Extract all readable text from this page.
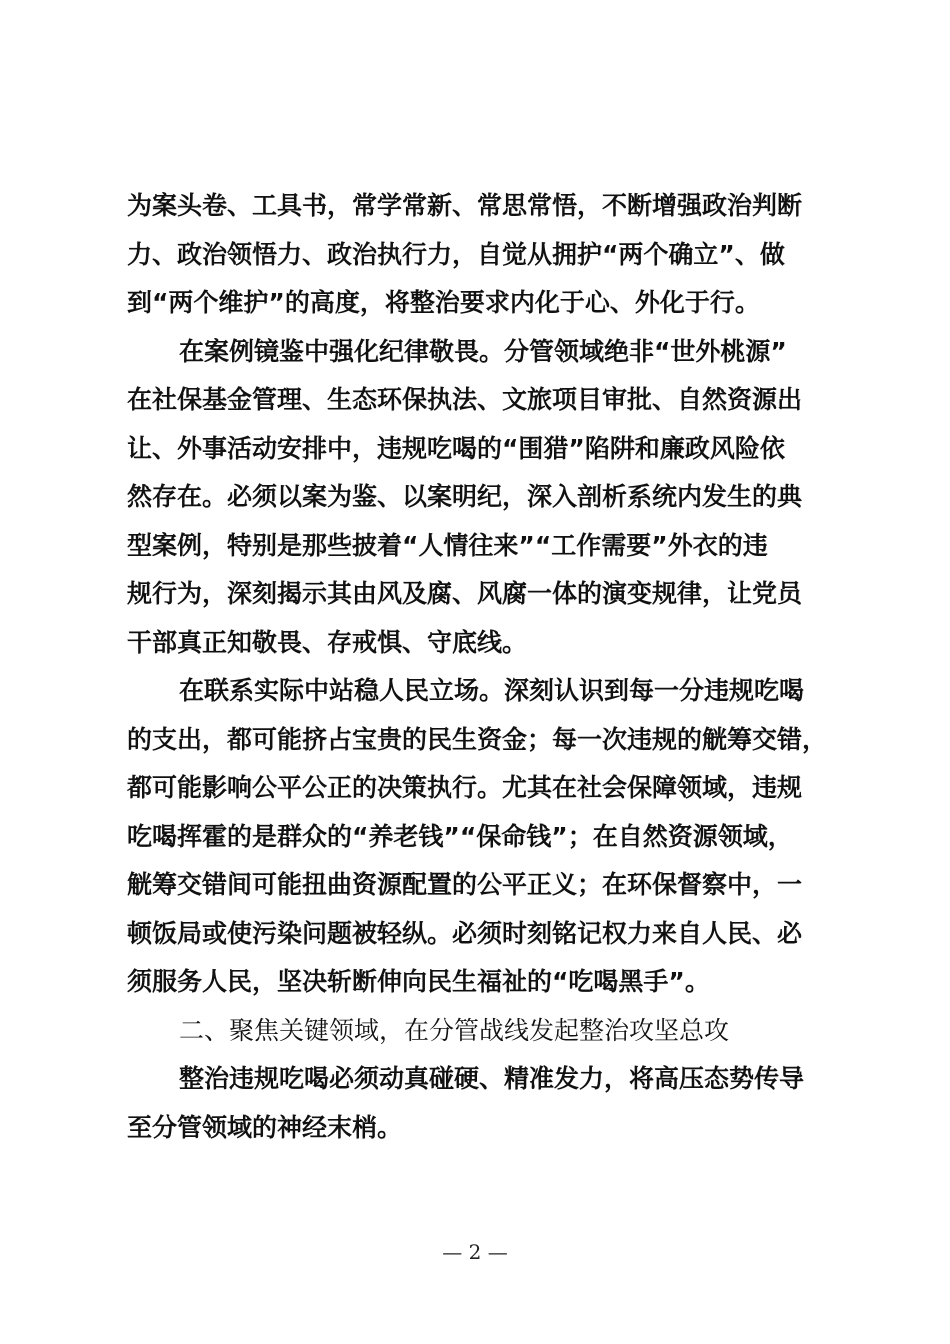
为案头卷、工具书，常学常新、常思常悟，不断增强政治判断
力、政治领悟力、政治执行力，自觉从拥护“两个确立”、做
到“两个维护”的高度，将整治要求内化于心、外化于行。
在案例镜鉴中强化纪律敬畏。分管领域绝非“世外桃源”
在社保基金管理、生态环保执法、文旅项目审批、自然资源出
让、外事活动安排中，违规吃喝的“围猎”陷阱和廉政风险依
然存在。必须以案为鉴、以案明纪，深入剖析系统内发生的典
型案例，特别是那些披着“人情往来”“工作需要”外衣的违
规行为，深刻揭示其由风及腐、风腐一体的演变规律，让党员
干部真正知敬畏、存戒惧、守底线。
在联系实际中站稳人民立场。深刻认识到每一分违规吃喝
的支出，都可能挤占宝贵的民生资金；每一次违规的觥筹交错，
都可能影响公平公正的决策执行。尤其在社会保障领域，违规
吃喝挥霍的是群众的“养老钱”“保命钱”；在自然资源领域，
觥筹交错间可能扭曲资源配置的公平正义；在环保督察中，一
顿饭局或使污染问题被轻纵。必须时刻铭记权力来自人民、必
须服务人民，坚决斩断伸向民生福祉的“吃喝黑手”。
二、聚焦关键领域，在分管战线发起整治攻坚总攻
整治违规吃喝必须动真碰硬、精准发力，将高压态势传导
至分管领域的神经末梢。
— 2 —
